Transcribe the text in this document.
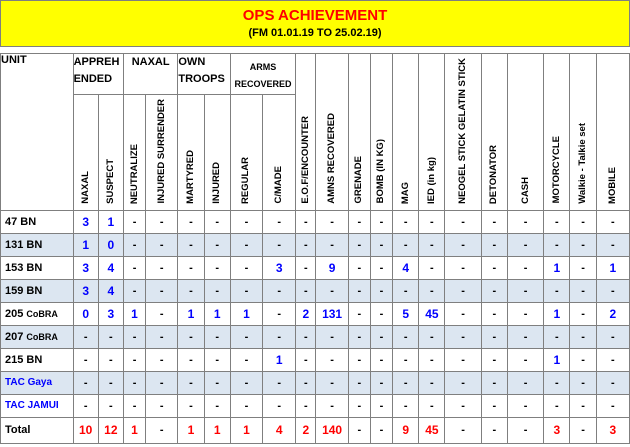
OPS ACHIEVEMENT
(FM 01.01.19 TO 25.02.19)
UNIT	APPREH ENDED		NAXAL		OWN TROOPS		ARMS RECOVERED		E.O.F/ENCOUNTER	AMNS RECOVERED	GRENADE	BOMB (IN KG)	MAG	IED (in kg)	NEOGEL STICK GELATIN STICK	DETONATOR	CASH	MOTORCYCLE	Walkie - Talkie set	MOBILE
	NAXAL	SUSPECT	NEUTRALIZE	INJURED SURRENDER	MARTYRED	INJURED	REGULAR	C/MADE												
47 BN	3	1	-	-	-	-	-	-	-	-	-	-	-	-	-	-	-	-	-	-
131 BN	1	0	-	-	-	-	-	-	-	-	-	-	-	-	-	-	-	-	-	-
153 BN	3	4	-	-	-	-	-	3	-	9	-	-	4	-	-	-	-	1	-	1
159 BN	3	4	-	-	-	-	-	-	-	-	-	-	-	-	-	-	-	-	-	-
205 CoBRA	0	3	1	-	1	1	1	-	2	131	-	-	5	45	-	-	-	1	-	2
207 CoBRA	-	-	-	-	-	-	-	-	-	-	-	-	-	-	-	-	-	-	-	-
215 BN	-	-	-	-	-	-	-	1	-	-	-	-	-	-	-	-	-	1	-	-
TAC Gaya	-	-	-	-	-	-	-	-	-	-	-	-	-	-	-	-	-	-	-	-
TAC JAMUI	-	-	-	-	-	-	-	-	-	-	-	-	-	-	-	-	-	-	-	-
Total	10	12	1	-	1	1	1	4	2	140	-	-	9	45	-	-	-	3	-	3
